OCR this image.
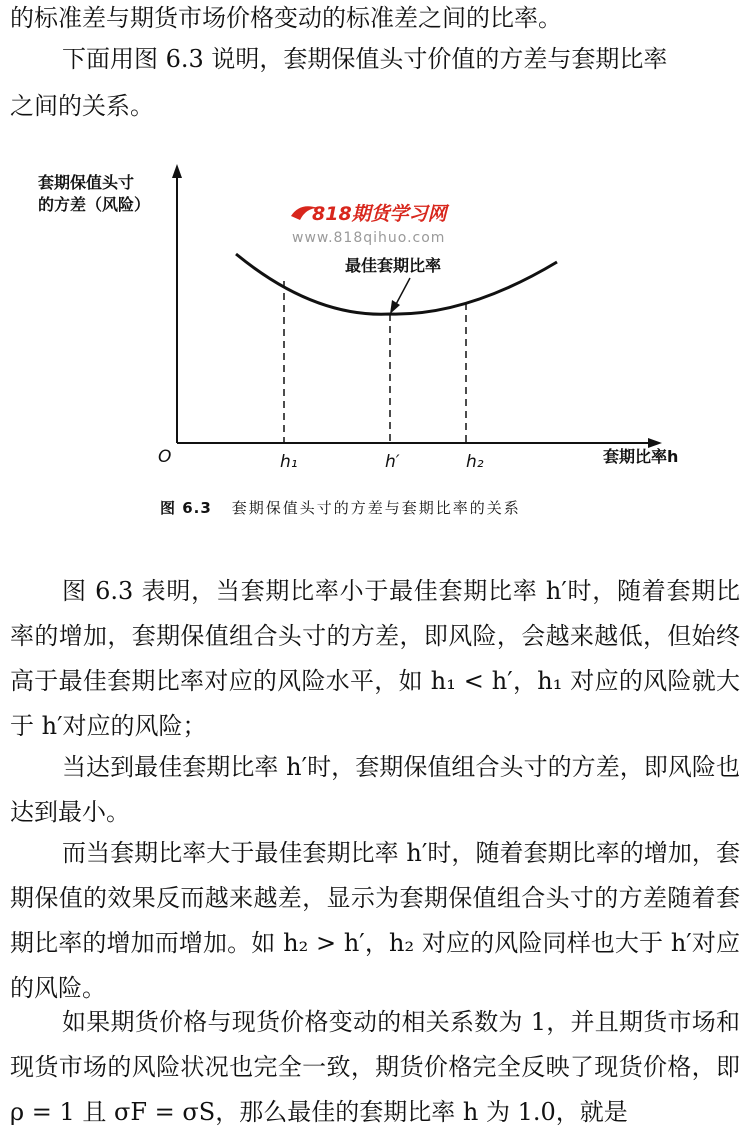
的标准差与期货市场价格变动的标准差之间的比率。
下面用图 6.3 说明，套期保值头寸价值的方差与套期比率
之间的关系。
套期保值头寸
的方差（风险）
O	套期比率h
h₁	h′	h₂
最佳套期比率
818期货学习网
www.818qihuo.com
图 6.3 套期保值头寸的方差与套期比率的关系
图 6.3 表明，当套期比率小于最佳套期比率 h′时，随着套期比率的增加，套期保值组合头寸的方差，即风险，会越来越低，但始终高于最佳套期比率对应的风险水平，如 h₁ < h′，h₁ 对应的风险就大于 h′对应的风险；
当达到最佳套期比率 h′时，套期保值组合头寸的方差，即风险也达到最小。
而当套期比率大于最佳套期比率 h′时，随着套期比率的增加，套期保值的效果反而越来越差，显示为套期保值组合头寸的方差随着套期比率的增加而增加。如 h₂ > h′，h₂ 对应的风险同样也大于 h′对应的风险。
如果期货价格与现货价格变动的相关系数为 1，并且期货市场和现货市场的风险状况也完全一致，期货价格完全反映了现货价格，即 ρ = 1 且 σF = σS，那么最佳的套期比率 h 为 1.0，就是
